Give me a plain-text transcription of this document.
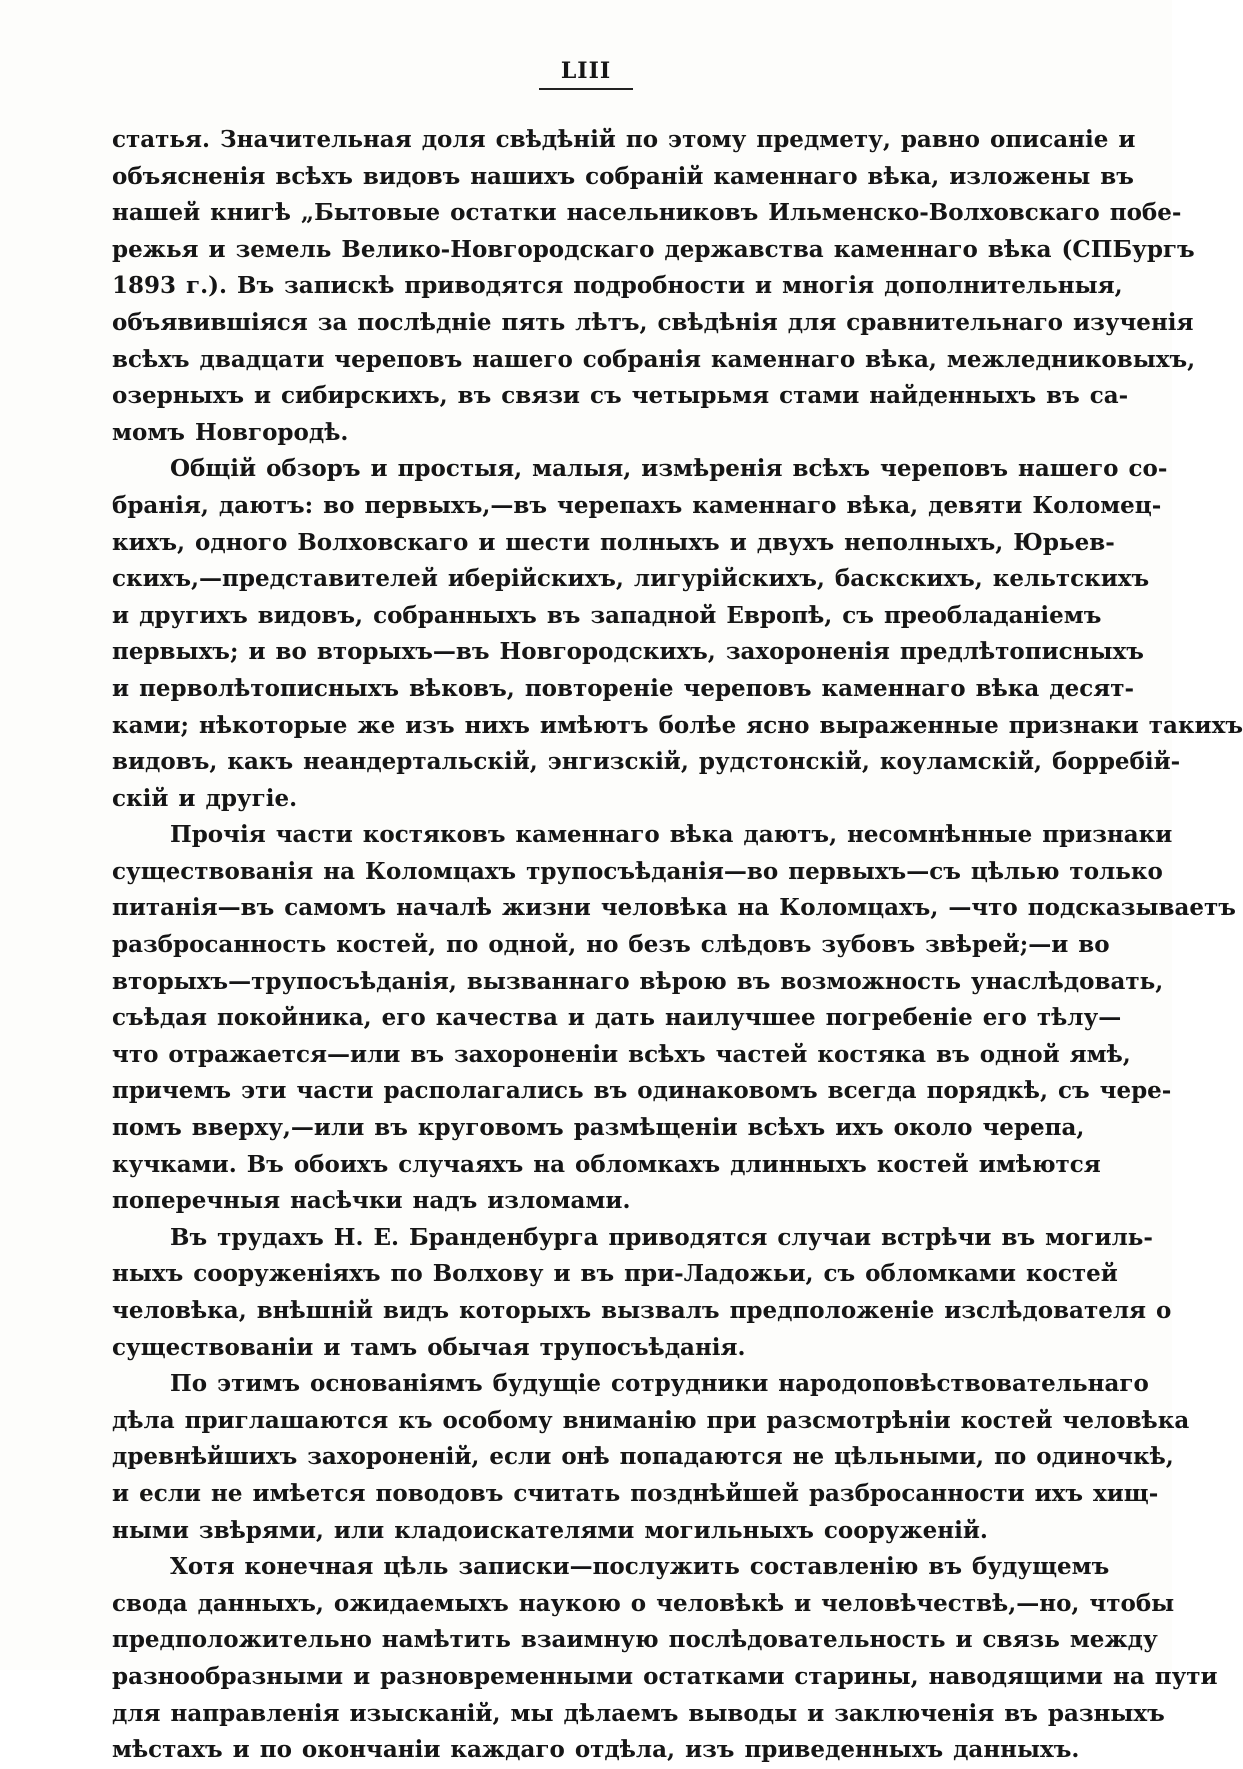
LIII
статья. Значительная доля свѣдѣній по этому предмету, равно описаніе и
объясненія всѣхъ видовъ нашихъ собраній каменнаго вѣка, изложены въ
нашей книгѣ „Бытовые остатки насельниковъ Ильменско-Волховскаго побе-
режья и земель Велико-Новгородскаго державства каменнаго вѣка (СПБургъ
1893 г.). Въ запискѣ приводятся подробности и многія дополнительныя,
объявившіяся за послѣдніе пять лѣтъ, свѣдѣнія для сравнительнаго изученія
всѣхъ двадцати череповъ нашего собранія каменнаго вѣка, межледниковыхъ,
озерныхъ и сибирскихъ, въ связи съ четырьмя стами найденныхъ въ са-
момъ Новгородѣ.
Общій обзоръ и простыя, малыя, измѣренія всѣхъ череповъ нашего со-
бранія, даютъ: во первыхъ,—въ черепахъ каменнаго вѣка, девяти Коломец-
кихъ, одного Волховскаго и шести полныхъ и двухъ неполныхъ, Юрьев-
скихъ,—представителей иберійскихъ, лигурійскихъ, баскскихъ, кельтскихъ
и другихъ видовъ, собранныхъ въ западной Европѣ, съ преобладаніемъ
первыхъ; и во вторыхъ—въ Новгородскихъ, захороненія предлѣтописныхъ
и перволѣтописныхъ вѣковъ, повтореніе череповъ каменнаго вѣка десят-
ками; нѣкоторые же изъ нихъ имѣютъ болѣе ясно выраженные признаки такихъ
видовъ, какъ неандертальскій, энгизскій, рудстонскій, коуламскій, борребій-
скій и другіе.
Прочія части костяковъ каменнаго вѣка даютъ, несомнѣнные признаки
существованія на Коломцахъ трупосъѣданія—во первыхъ—съ цѣлью только
питанія—въ самомъ началѣ жизни человѣка на Коломцахъ, —что подсказываетъ
разбросанность костей, по одной, но безъ слѣдовъ зубовъ звѣрей;—и во
вторыхъ—трупосъѣданія, вызваннаго вѣрою въ возможность унаслѣдовать,
съѣдая покойника, его качества и дать наилучшее погребеніе его тѣлу—
что отражается—или въ захороненіи всѣхъ частей костяка въ одной ямѣ,
причемъ эти части располагались въ одинаковомъ всегда порядкѣ, съ чере-
помъ вверху,—или въ круговомъ размѣщеніи всѣхъ ихъ около черепа,
кучками. Въ обоихъ случаяхъ на обломкахъ длинныхъ костей имѣются
поперечныя насѣчки надъ изломами.
Въ трудахъ Н. Е. Бранденбурга приводятся случаи встрѣчи въ могиль-
ныхъ сооруженіяхъ по Волхову и въ при-Ладожьи, съ обломками костей
человѣка, внѣшній видъ которыхъ вызвалъ предположеніе изслѣдователя о
существованіи и тамъ обычая трупосъѣданія.
По этимъ основаніямъ будущіе сотрудники народоповѣствовательнаго
дѣла приглашаются къ особому вниманію при разсмотрѣніи костей человѣка
древнѣйшихъ захороненій, если онѣ попадаются не цѣльными, по одиночкѣ,
и если не имѣется поводовъ считать позднѣйшей разбросанности ихъ хищ-
ными звѣрями, или кладоискателями могильныхъ сооруженій.
Хотя конечная цѣль записки—послужить составленію въ будущемъ
свода данныхъ, ожидаемыхъ наукою о человѣкѣ и человѣчествѣ,—но, чтобы
предположительно намѣтить взаимную послѣдовательность и связь между
разнообразными и разновременными остатками старины, наводящими на пути
для направленія изысканій, мы дѣлаемъ выводы и заключенія въ разныхъ
мѣстахъ и по окончаніи каждаго отдѣла, изъ приведенныхъ данныхъ.
